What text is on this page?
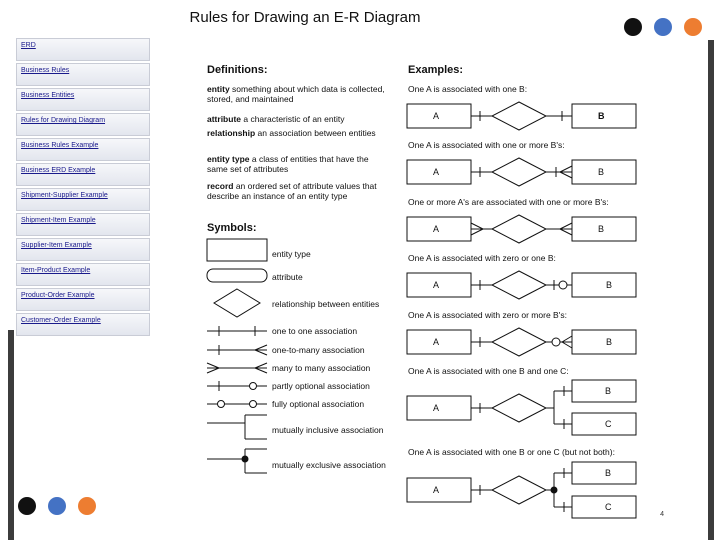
Rules for Drawing an E-R Diagram
ERD
Business Rules
Business Entities
Rules for Drawing Diagram
Business Rules Example
Business ERD Example
Shipment-Supplier Example
Shipment-Item Example
Supplier-Item Example
Item-Product Example
Product-Order Example
Customer-Order Example
Definitions:
entity something about which data is collected, stored, and maintained
attribute a characteristic of an entity
relationship an association between entities
entity type a class of entities that have the same set of attributes
record an ordered set of attribute values that describe an instance of an entity type
Symbols:
entity type
attribute
relationship between entities
one to one association
one-to-many association
many to many association
partly optional association
fully optional association
mutually inclusive association
mutually exclusive association
Examples:
One A is associated with one B:
One A is associated with one or more B's:
One or more A's are associated with one or more B's:
One A is associated with zero or one B:
One A is associated with zero or more B's:
One A is associated with one B and one C:
One A is associated with one B or one C (but not both):
A	B
A	B
A	B
A	B
A	B
A
B
C
A
B
C
4
